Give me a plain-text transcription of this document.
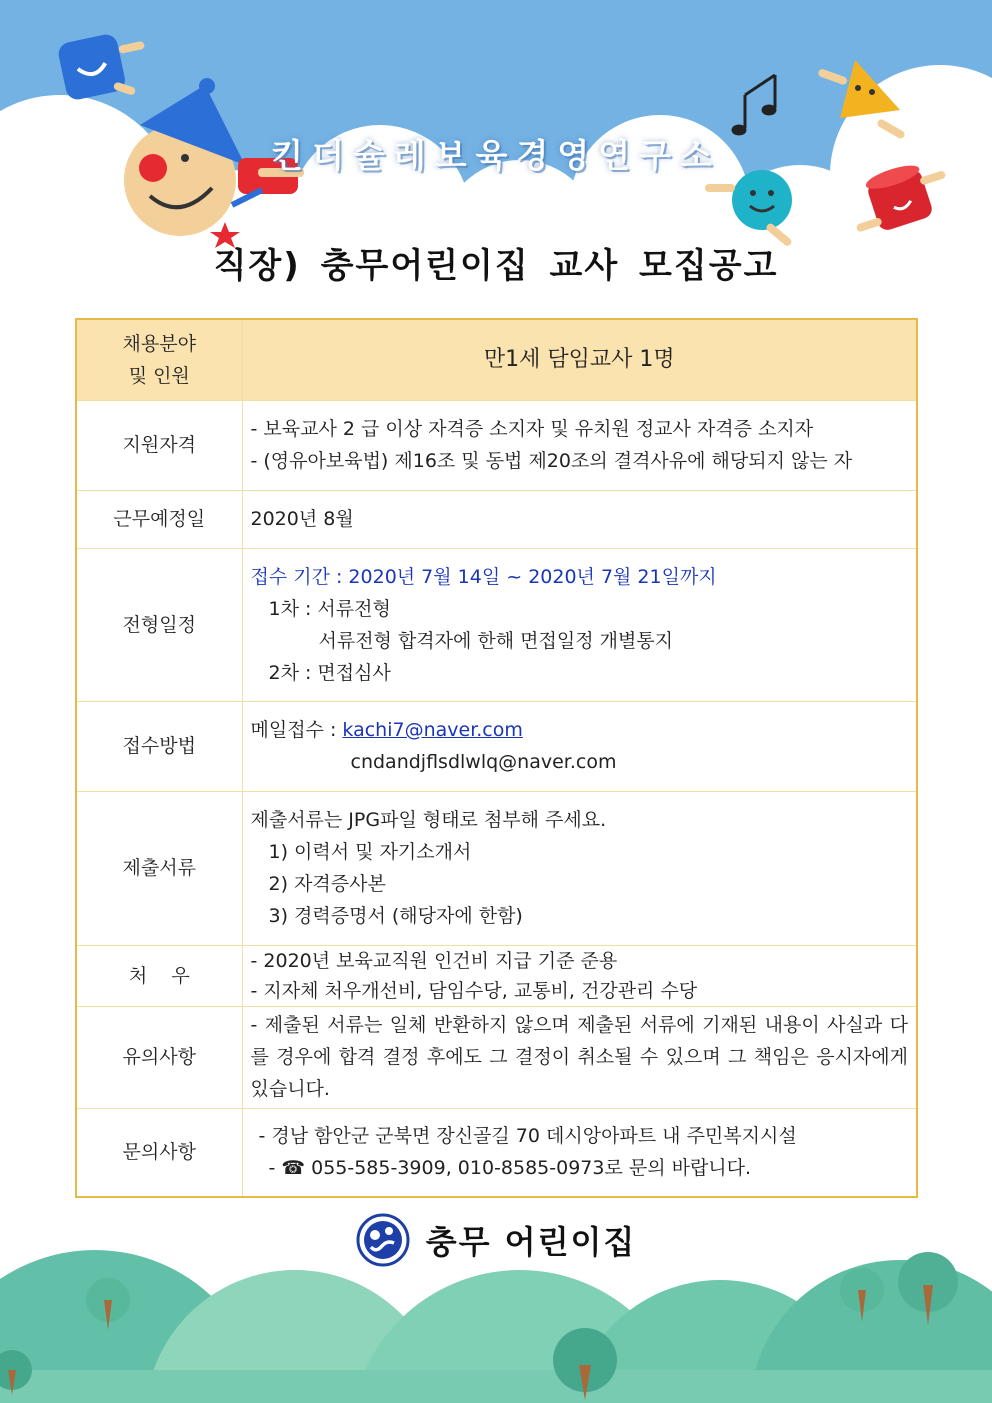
킨더슐레보육경영연구소
직장) 충무어린이집 교사 모집공고
채용분야
및 인원	만1세 담임교사 1명
지원자격	- 보육교사 2 급 이상 자격증 소지자 및 유치원 정교사 자격증 소지자
- (영유아보육법) 제16조 및 동법 제20조의 결격사유에 해당되지 않는 자

근무예정일	2020년 8월
전형일정	접수 기간 : 2020년 7월 14일 ~ 2020년 7월 21일까지
1차 : 서류전형
서류전형 합격자에 한해 면접일정 개별통지
2차 : 면접심사

접수방법	메일접수 : kachi7@naver.com
cndandjflsdlwlq@naver.com

제출서류	제출서류는 JPG파일 형태로 첨부해 주세요.
1) 이력서 및 자기소개서
2) 자격증사본
3) 경력증명서 (해당자에 한함)

처    우	- 2020년 보육교직원 인건비 지급 기준 준용
- 지자체 처우개선비, 담임수당, 교통비, 건강관리 수당

유의사항	- 제출된 서류는 일체 반환하지 않으며 제출된 서류에 기재된 내용이 사실과 다를 경우에 합격 결정 후에도 그 결정이 취소될 수 있으며 그 책임은 응시자에게 있습니다.

문의사항	- 경남 함안군 군북면 장신골길 70 데시앙아파트 내 주민복지시설
- ☎ 055-585-3909, 010-8585-0973로 문의 바랍니다.
충무 어린이집
